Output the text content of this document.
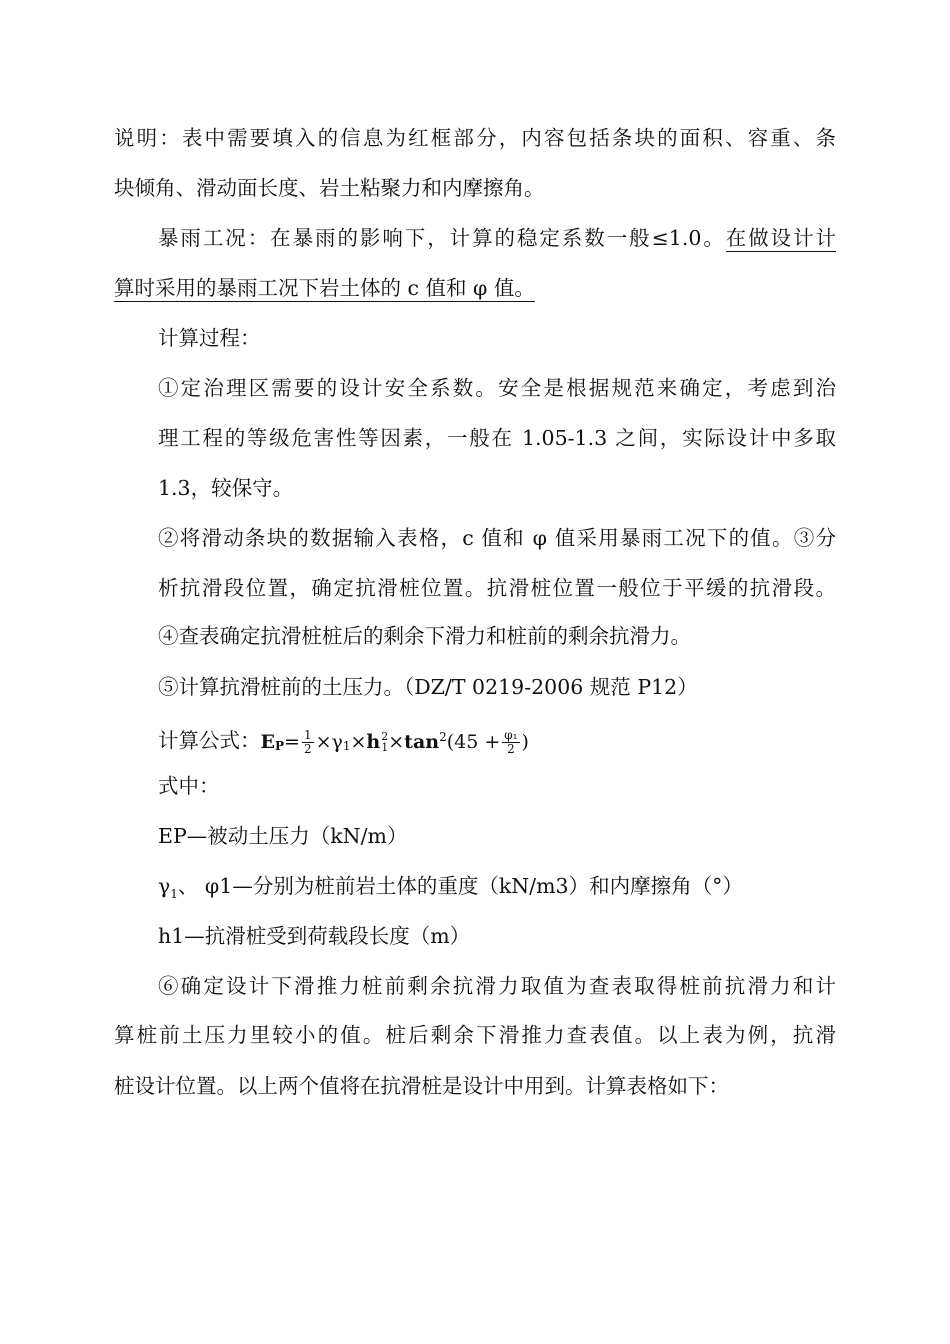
说明：表中需要填入的信息为红框部分，内容包括条块的面积、容重、条
块倾角、滑动面长度、岩土粘聚力和内摩擦角。
暴雨工况：在暴雨的影响下，计算的稳定系数一般≤1.0。在做设计计
算时采用的暴雨工况下岩土体的 c 值和 φ 值。
计算过程：
①定治理区需要的设计安全系数。安全是根据规范来确定，考虑到治
理工程的等级危害性等因素，一般在 1.05-1.3 之间，实际设计中多取
1.3，较保守。
②将滑动条块的数据输入表格，c 值和 φ 值采用暴雨工况下的值。③分
析抗滑段位置，确定抗滑桩位置。抗滑桩位置一般位于平缓的抗滑段。
④查表确定抗滑桩桩后的剩余下滑力和桩前的剩余抗滑力。
⑤计算抗滑桩前的土压力。（DZ/T 0219-2006 规范 P12）
计算公式：$EP= \frac{1}{2} \times\gamma 1\times h$ 2
$1 \times\tan 2(45 + \frac{\text{φ₁}}{2}$ )
式中：
EP—被动土压力（kN/m）
$\gamma_1$、 φ1—分别为桩前岩土体的重度（kN/m3）和内摩擦角（°）
h1—抗滑桩受到荷载段长度（m）
⑥确定设计下滑推力桩前剩余抗滑力取值为查表取得桩前抗滑力和计
算桩前土压力里较小的值。桩后剩余下滑推力查表值。以上表为例，抗滑
桩设计位置。以上两个值将在抗滑桩是设计中用到。计算表格如下：
